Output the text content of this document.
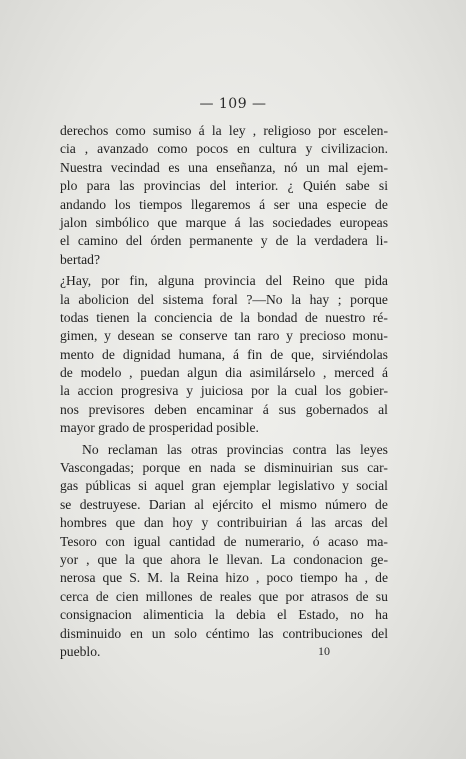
— 109 —
derechos como sumiso á la ley , religioso por escelen-
cia , avanzado como pocos en cultura y civilizacion.
Nuestra vecindad es una enseñanza, nó un mal ejem-
plo para las provincias del interior. ¿ Quién sabe si
andando los tiempos llegaremos á ser una especie de
jalon simbólico que marque á las sociedades europeas
el camino del órden permanente y de la verdadera li-
bertad?
¿Hay, por fin, alguna provincia del Reino que pida
la abolicion del sistema foral ?—No la hay ; porque
todas tienen la conciencia de la bondad de nuestro ré-
gimen, y desean se conserve tan raro y precioso monu-
mento de dignidad humana, á fin de que, sirviéndolas
de modelo , puedan algun dia asimilárselo , merced á
la accion progresiva y juiciosa por la cual los gobier-
nos previsores deben encaminar á sus gobernados al
mayor grado de prosperidad posible.
No reclaman las otras provincias contra las leyes
Vascongadas; porque en nada se disminuirian sus car-
gas públicas si aquel gran ejemplar legislativo y social
se destruyese. Darian al ejército el mismo número de
hombres que dan hoy y contribuirian á las arcas del
Tesoro con igual cantidad de numerario, ó acaso ma-
yor , que la que ahora le llevan. La condonacion ge-
nerosa que S. M. la Reina hizo , poco tiempo ha , de
cerca de cien millones de reales que por atrasos de su
consignacion alimenticia la debia el Estado, no ha
disminuido en un solo céntimo las contribuciones del
pueblo.	10
